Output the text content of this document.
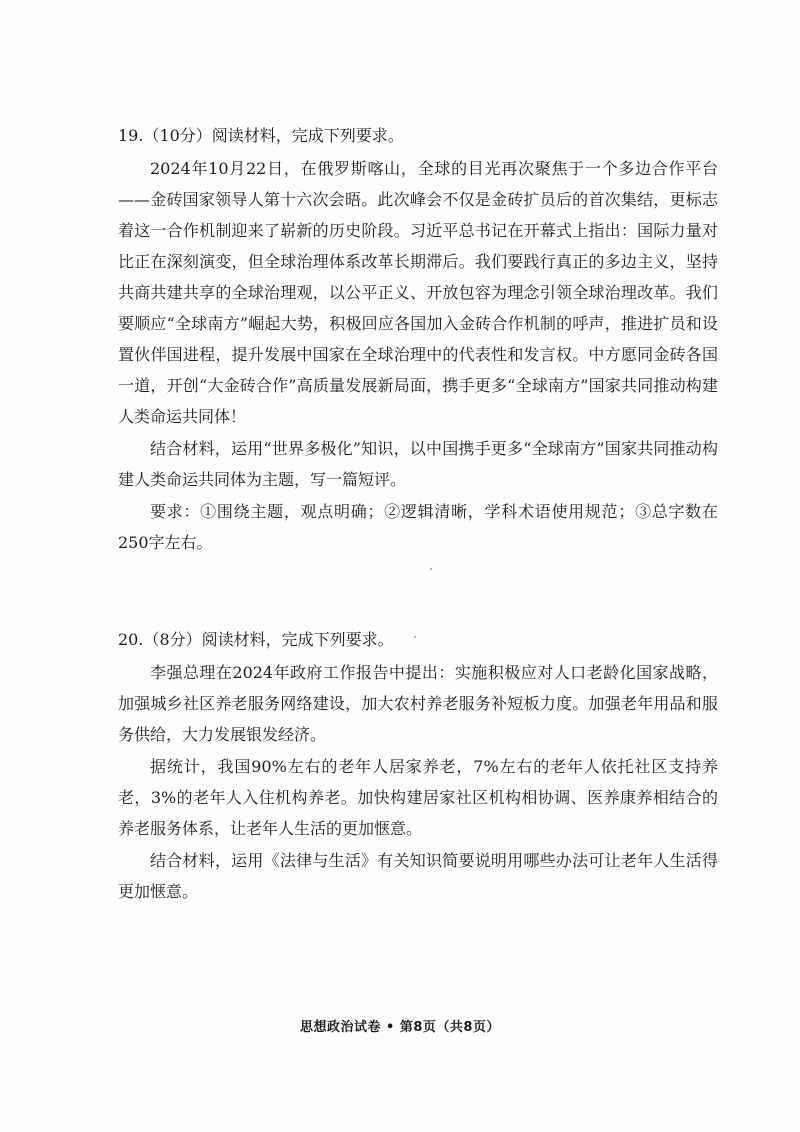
19.（10分）阅读材料，完成下列要求。

2024年10月22日，在俄罗斯喀山，全球的目光再次聚焦于一个多边合作平台——金砖国家领导人第十六次会晤。此次峰会不仅是金砖扩员后的首次集结，更标志着这一合作机制迎来了崭新的历史阶段。习近平总书记在开幕式上指出：国际力量对比正在深刻演变，但全球治理体系改革长期滞后。我们要践行真正的多边主义，坚持共商共建共享的全球治理观，以公平正义、开放包容为理念引领全球治理改革。我们要顺应“全球南方”崛起大势，积极回应各国加入金砖合作机制的呼声，推进扩员和设置伙伴国进程，提升发展中国家在全球治理中的代表性和发言权。中方愿同金砖各国一道，开创“大金砖合作”高质量发展新局面，携手更多“全球南方”国家共同推动构建人类命运共同体！

结合材料，运用“世界多极化”知识，以中国携手更多“全球南方”国家共同推动构建人类命运共同体为主题，写一篇短评。

要求：①围绕主题，观点明确；②逻辑清晰，学科术语使用规范；③总字数在250字左右。

20.（8分）阅读材料，完成下列要求。

李强总理在2024年政府工作报告中提出：实施积极应对人口老龄化国家战略，加强城乡社区养老服务网络建设，加大农村养老服务补短板力度。加强老年用品和服务供给，大力发展银发经济。

据统计，我国90%左右的老年人居家养老，7%左右的老年人依托社区支持养老，3%的老年人入住机构养老。加快构建居家社区机构相协调、医养康养相结合的养老服务体系，让老年人生活的更加惬意。

结合材料，运用《法律与生活》有关知识简要说明用哪些办法可让老年人生活得更加惬意。

思想政治试卷 • 第8页（共8页）
